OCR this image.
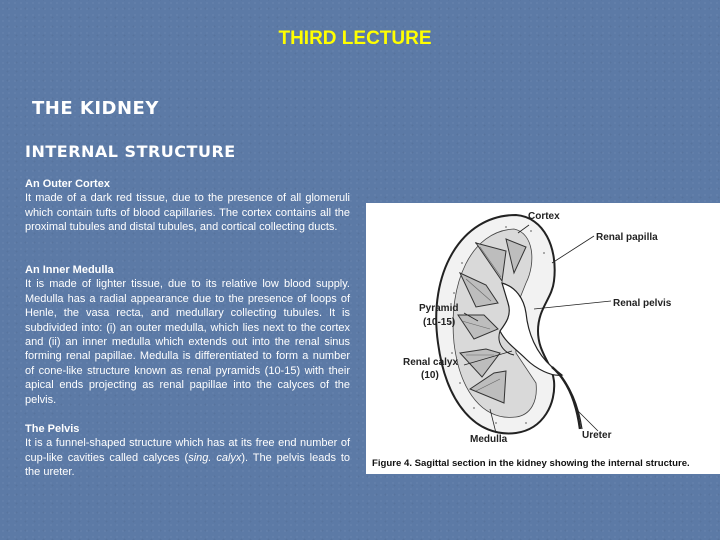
THIRD LECTURE
THE KIDNEY
INTERNAL STRUCTURE
An Outer Cortex
It made of a dark red tissue, due to the presence of all glomeruli which contain tufts of blood capillaries. The cortex contains all the proximal tubules and distal tubules, and cortical collecting ducts.
An Inner Medulla
It is made of lighter tissue, due to its relative low blood supply. Medulla has a radial appearance due to the presence of loops of Henle, the vasa recta, and medullary collecting tubules. It is subdivided into: (i) an outer medulla, which lies next to the cortex and (ii) an inner medulla which extends out into the renal sinus forming renal papillae. Medulla is differentiated to form a number of cone-like structure known as renal pyramids (10-15) with their apical ends projecting as renal papillae into the calyces of the pelvis.
The Pelvis
It is a funnel-shaped structure which has at its free end number of cup-like cavities called calyces (sing. calyx). The pelvis leads to the ureter.
Cortex
Renal papilla
Renal pelvis
Pyramid
(10-15)
Renal calyx
(10)
Medulla	Ureter
Figure 4. Sagittal section in the kidney showing the internal structure.
